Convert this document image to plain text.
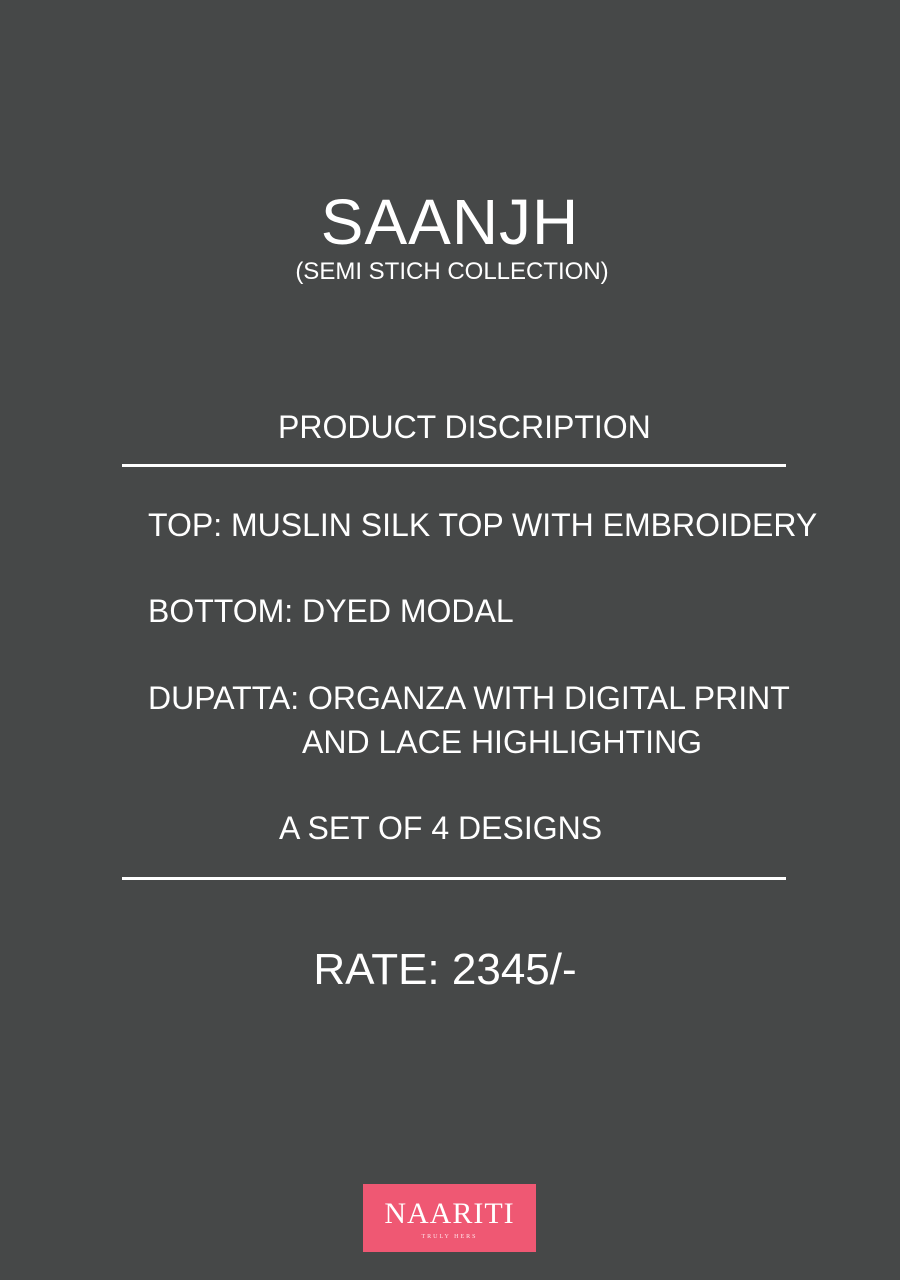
SAANJH
(SEMI STICH COLLECTION)
PRODUCT DISCRIPTION
TOP: MUSLIN SILK TOP WITH EMBROIDERY
BOTTOM: DYED MODAL
DUPATTA: ORGANZA WITH DIGITAL PRINT
AND LACE HIGHLIGHTING
A SET OF 4 DESIGNS
RATE: 2345/-
NAARITI
TRULY HERS
